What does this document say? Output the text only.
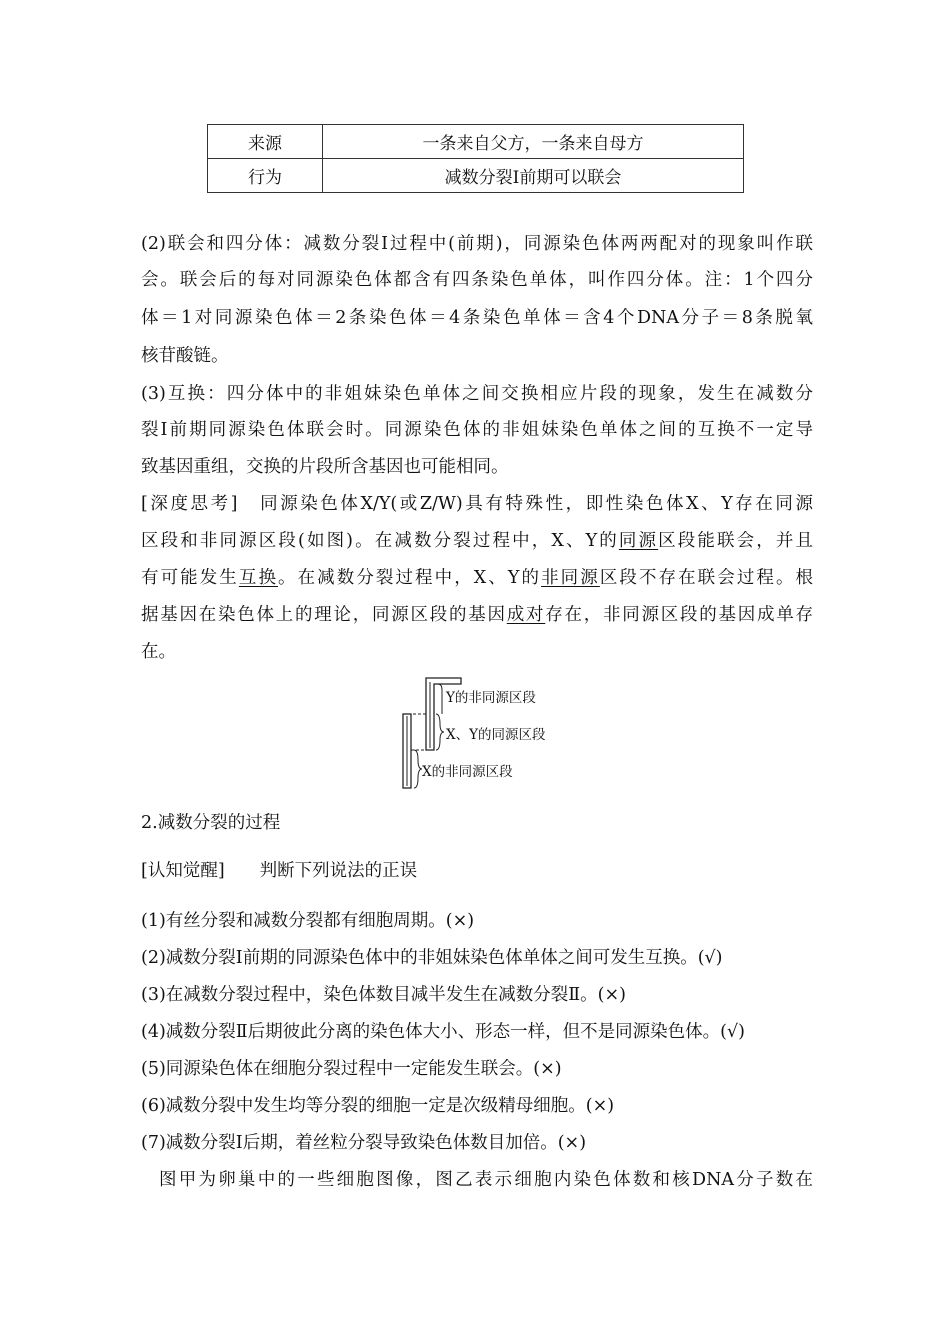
来源	一条来自父方，一条来自母方
行为	减数分裂Ⅰ前期可以联会
(2)联会和四分体：减数分裂Ⅰ过程中(前期)，同源染色体两两配对的现象叫作联
会。联会后的每对同源染色体都含有四条染色单体，叫作四分体。注：1个四分
体＝1对同源染色体＝2条染色体＝4条染色单体＝含4个DNA分子＝8条脱氧
核苷酸链。
(3)互换：四分体中的非姐妹染色单体之间交换相应片段的现象，发生在减数分
裂Ⅰ前期同源染色体联会时。同源染色体的非姐妹染色单体之间的互换不一定导
致基因重组，交换的片段所含基因也可能相同。
[深度思考]　 同源染色体X/Y(或Z/W)具有特殊性，即性染色体X、Y存在同源
区段和非同源区段(如图)。在减数分裂过程中，X、Y的同源区段能联会，并且
有可能发生互换。在减数分裂过程中，X、Y的非同源区段不存在联会过程。根
据基因在染色体上的理论，同源区段的基因成对存在，非同源区段的基因成单存
在。
Y的非同源区段
X、Y的同源区段
X的非同源区段
2.减数分裂的过程
[认知觉醒]　　 判断下列说法的正误
(1)有丝分裂和减数分裂都有细胞周期。(×)
(2)减数分裂Ⅰ前期的同源染色体中的非姐妹染色体单体之间可发生互换。(√)
(3)在减数分裂过程中，染色体数目减半发生在减数分裂Ⅱ。(×)
(4)减数分裂Ⅱ后期彼此分离的染色体大小、形态一样，但不是同源染色体。(√)
(5)同源染色体在细胞分裂过程中一定能发生联会。(×)
(6)减数分裂中发生均等分裂的细胞一定是次级精母细胞。(×)
(7)减数分裂Ⅰ后期，着丝粒分裂导致染色体数目加倍。(×)
图甲为卵巢中的一些细胞图像，图乙表示细胞内染色体数和核DNA分子数在
